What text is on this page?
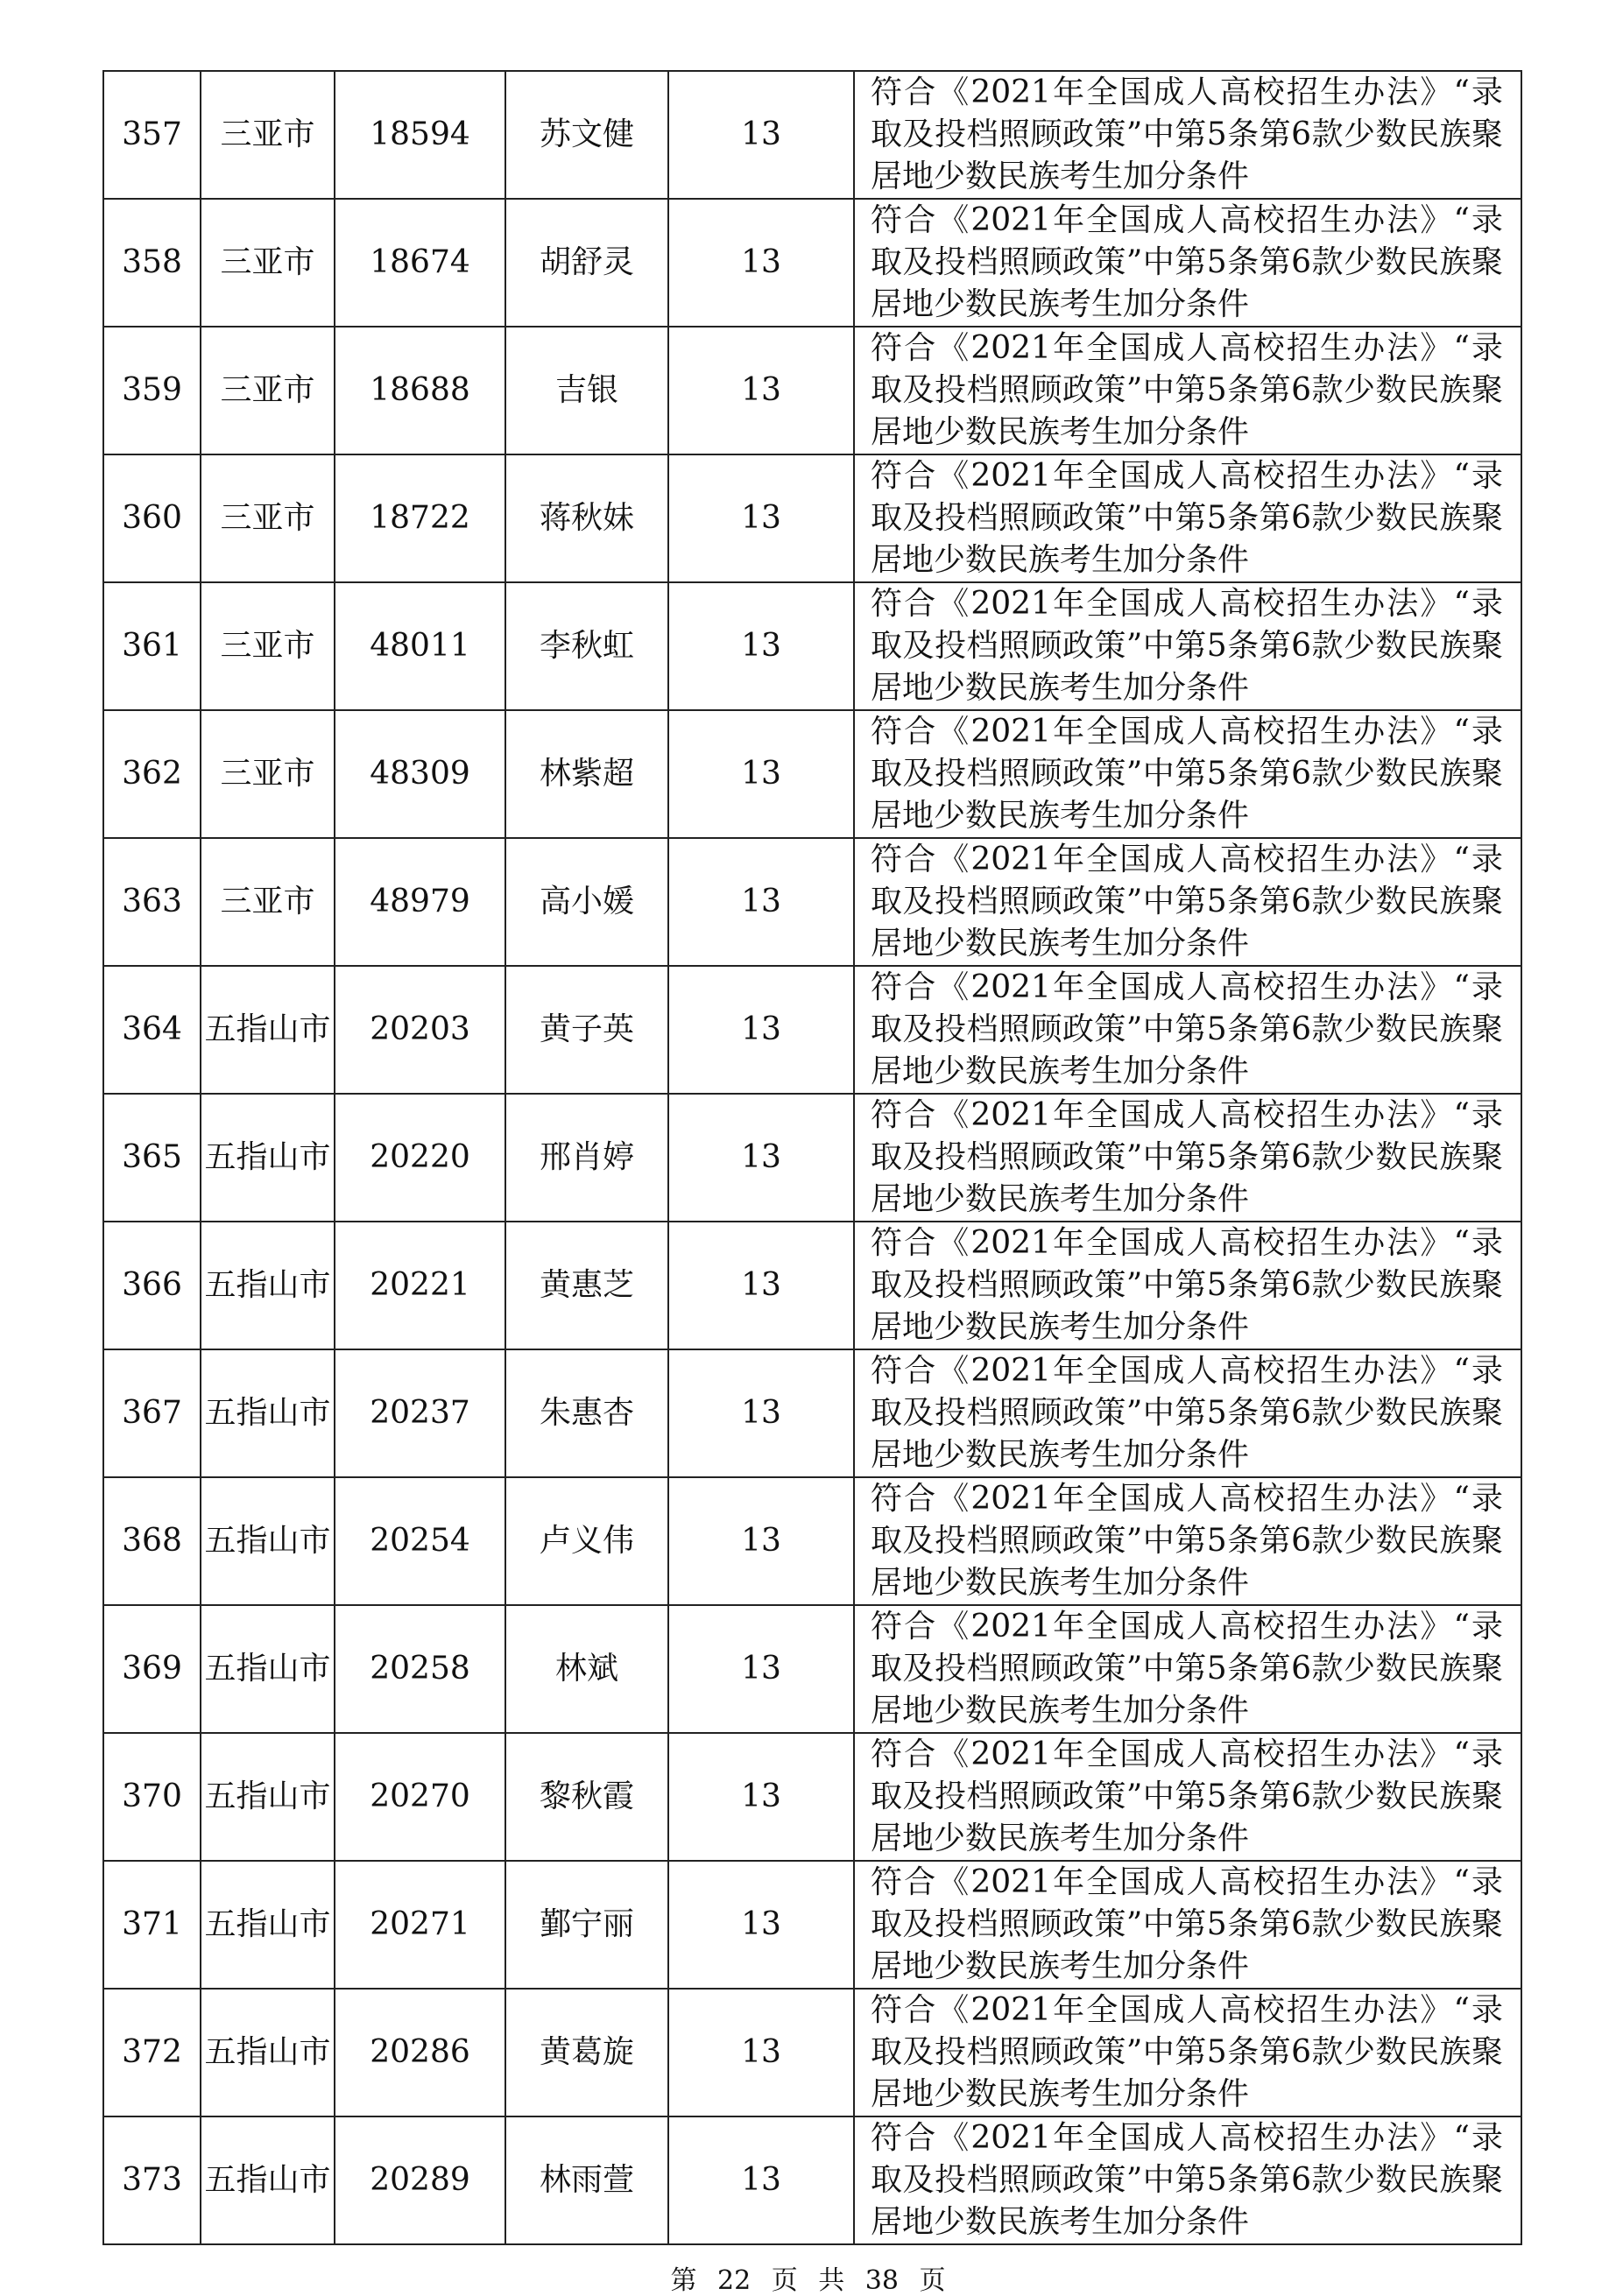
357	三亚市	18594	苏文健	13	符合《2021年全国成人高校招生办法》“录取及投档照顾政策”中第5条第6款少数民族聚居地少数民族考生加分条件
358	三亚市	18674	胡舒灵	13	符合《2021年全国成人高校招生办法》“录取及投档照顾政策”中第5条第6款少数民族聚居地少数民族考生加分条件
359	三亚市	18688	吉银	13	符合《2021年全国成人高校招生办法》“录取及投档照顾政策”中第5条第6款少数民族聚居地少数民族考生加分条件
360	三亚市	18722	蒋秋妹	13	符合《2021年全国成人高校招生办法》“录取及投档照顾政策”中第5条第6款少数民族聚居地少数民族考生加分条件
361	三亚市	48011	李秋虹	13	符合《2021年全国成人高校招生办法》“录取及投档照顾政策”中第5条第6款少数民族聚居地少数民族考生加分条件
362	三亚市	48309	林紫超	13	符合《2021年全国成人高校招生办法》“录取及投档照顾政策”中第5条第6款少数民族聚居地少数民族考生加分条件
363	三亚市	48979	高小媛	13	符合《2021年全国成人高校招生办法》“录取及投档照顾政策”中第5条第6款少数民族聚居地少数民族考生加分条件
364	五指山市	20203	黄子英	13	符合《2021年全国成人高校招生办法》“录取及投档照顾政策”中第5条第6款少数民族聚居地少数民族考生加分条件
365	五指山市	20220	邢肖婷	13	符合《2021年全国成人高校招生办法》“录取及投档照顾政策”中第5条第6款少数民族聚居地少数民族考生加分条件
366	五指山市	20221	黄惠芝	13	符合《2021年全国成人高校招生办法》“录取及投档照顾政策”中第5条第6款少数民族聚居地少数民族考生加分条件
367	五指山市	20237	朱惠杏	13	符合《2021年全国成人高校招生办法》“录取及投档照顾政策”中第5条第6款少数民族聚居地少数民族考生加分条件
368	五指山市	20254	卢义伟	13	符合《2021年全国成人高校招生办法》“录取及投档照顾政策”中第5条第6款少数民族聚居地少数民族考生加分条件
369	五指山市	20258	林斌	13	符合《2021年全国成人高校招生办法》“录取及投档照顾政策”中第5条第6款少数民族聚居地少数民族考生加分条件
370	五指山市	20270	黎秋霞	13	符合《2021年全国成人高校招生办法》“录取及投档照顾政策”中第5条第6款少数民族聚居地少数民族考生加分条件
371	五指山市	20271	鄞宁丽	13	符合《2021年全国成人高校招生办法》“录取及投档照顾政策”中第5条第6款少数民族聚居地少数民族考生加分条件
372	五指山市	20286	黄葛旋	13	符合《2021年全国成人高校招生办法》“录取及投档照顾政策”中第5条第6款少数民族聚居地少数民族考生加分条件
373	五指山市	20289	林雨萱	13	符合《2021年全国成人高校招生办法》“录取及投档照顾政策”中第5条第6款少数民族聚居地少数民族考生加分条件
第 22 页 共 38 页
